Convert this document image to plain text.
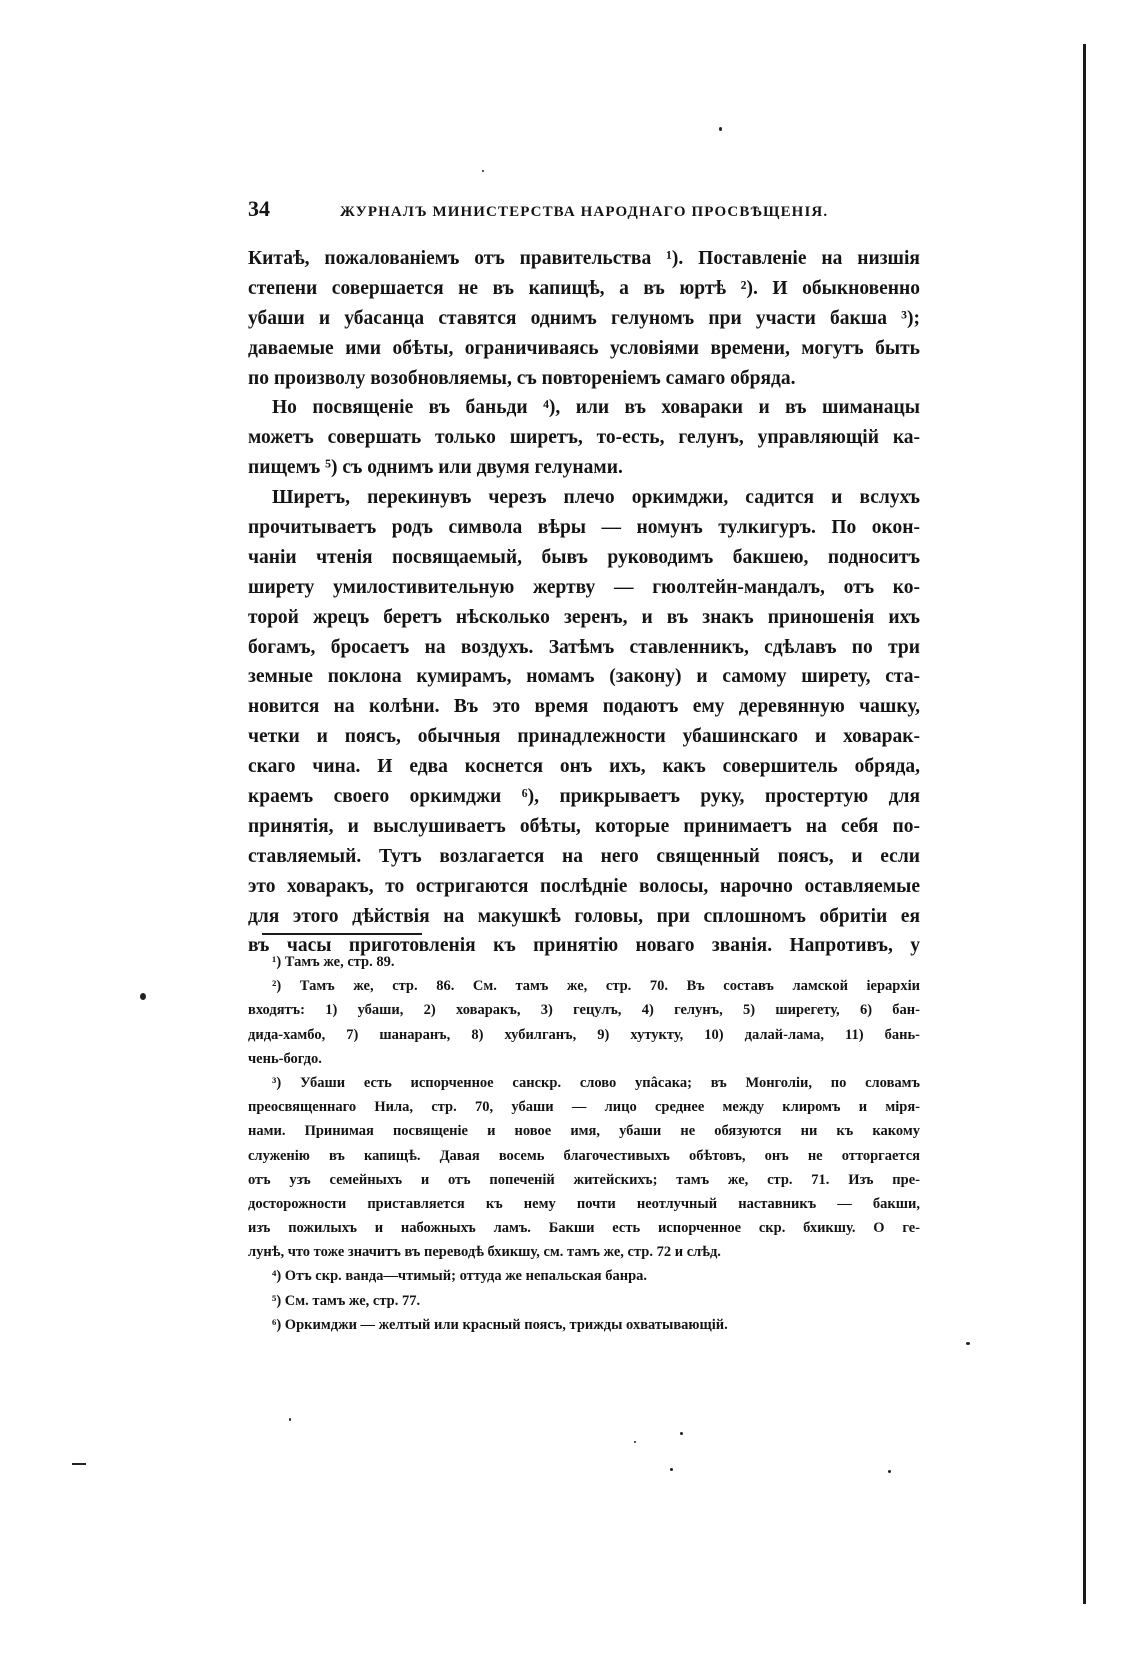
34	ЖУРНАЛЪ МИНИСТЕРСТВА НАРОДНАГО ПРОСВѢЩЕНІЯ.
Китаѣ, пожалованіемъ отъ правительства ¹). Поставленіе на низшія
степени совершается не въ капищѣ, а въ юртѣ ²). И обыкновенно
убаши и убасанца ставятся однимъ гелуномъ при участи бакша ³);
даваемые ими обѣты, ограничиваясь условіями времени, могутъ быть
по произволу возобновляемы, съ повтореніемъ самаго обряда.
Но посвященіе въ баньди ⁴), или въ ховараки и въ шиманацы
можетъ совершать только ширетъ, то-есть, гелунъ, управляющій ка-
пищемъ ⁵) съ однимъ или двумя гелунами.
Ширетъ, перекинувъ черезъ плечо оркимджи, садится и вслухъ
прочитываетъ родъ символа вѣры — номунъ тулкигуръ. По окон-
чаніи чтенія посвящаемый, бывъ руководимъ бакшею, подноситъ
ширету умилостивительную жертву — гюолтейн-мандалъ, отъ ко-
торой жрецъ беретъ нѣсколько зеренъ, и въ знакъ приношенія ихъ
богамъ, бросаетъ на воздухъ. Затѣмъ ставленникъ, сдѣлавъ по три
земные поклона кумирамъ, номамъ (закону) и самому ширету, ста-
новится на колѣни. Въ это время подаютъ ему деревянную чашку,
четки и поясъ, обычныя принадлежности убашинскаго и ховарак-
скаго чина. И едва коснется онъ ихъ, какъ совершитель обряда,
краемъ своего оркимджи ⁶), прикрываетъ руку, простертую для
принятія, и выслушиваетъ обѣты, которые принимаетъ на себя по-
ставляемый. Тутъ возлагается на него священный поясъ, и если
это ховаракъ, то остригаются послѣдніе волосы, нарочно оставляемые
для этого дѣйствія на макушкѣ головы, при сплошномъ обритіи ея
въ часы приготовленія къ принятію новаго званія. Напротивъ, у
¹) Тамъ же, стр. 89.
²) Тамъ же, стр. 86. См. тамъ же, стр. 70. Въ составъ ламской іерархіи
входятъ: 1) убаши, 2) ховаракъ, 3) гецулъ, 4) гелунъ, 5) ширегету, 6) бан-
дида-хамбо, 7) шанаранъ, 8) хубилганъ, 9) хутукту, 10) далай-лама, 11) бань-
чень-богдо.
³) Убаши есть испорченное санскр. слово упâсака; въ Монголіи, по словамъ
преосвященнаго Нила, стр. 70, убаши — лицо среднее между клиромъ и міря-
нами. Принимая посвященіе и новое имя, убаши не обязуются ни къ какому
служенію въ капищѣ. Давая восемь благочестивыхъ обѣтовъ, онъ не отторгается
отъ узъ семейныхъ и отъ попеченій житейскихъ; тамъ же, стр. 71. Изъ пре-
досторожности приставляется къ нему почти неотлучный наставникъ — бакши,
изъ пожилыхъ и набожныхъ ламъ. Бакши есть испорченное скр. бхикшу. О ге-
лунѣ, что тоже значитъ въ переводѣ бхикшу, см. тамъ же, стр. 72 и слѣд.
⁴) Отъ скр. ванда—чтимый; оттуда же непальская банра.
⁵) См. тамъ же, стр. 77.
⁶) Оркимджи — желтый или красный поясъ, трижды охватывающій.
